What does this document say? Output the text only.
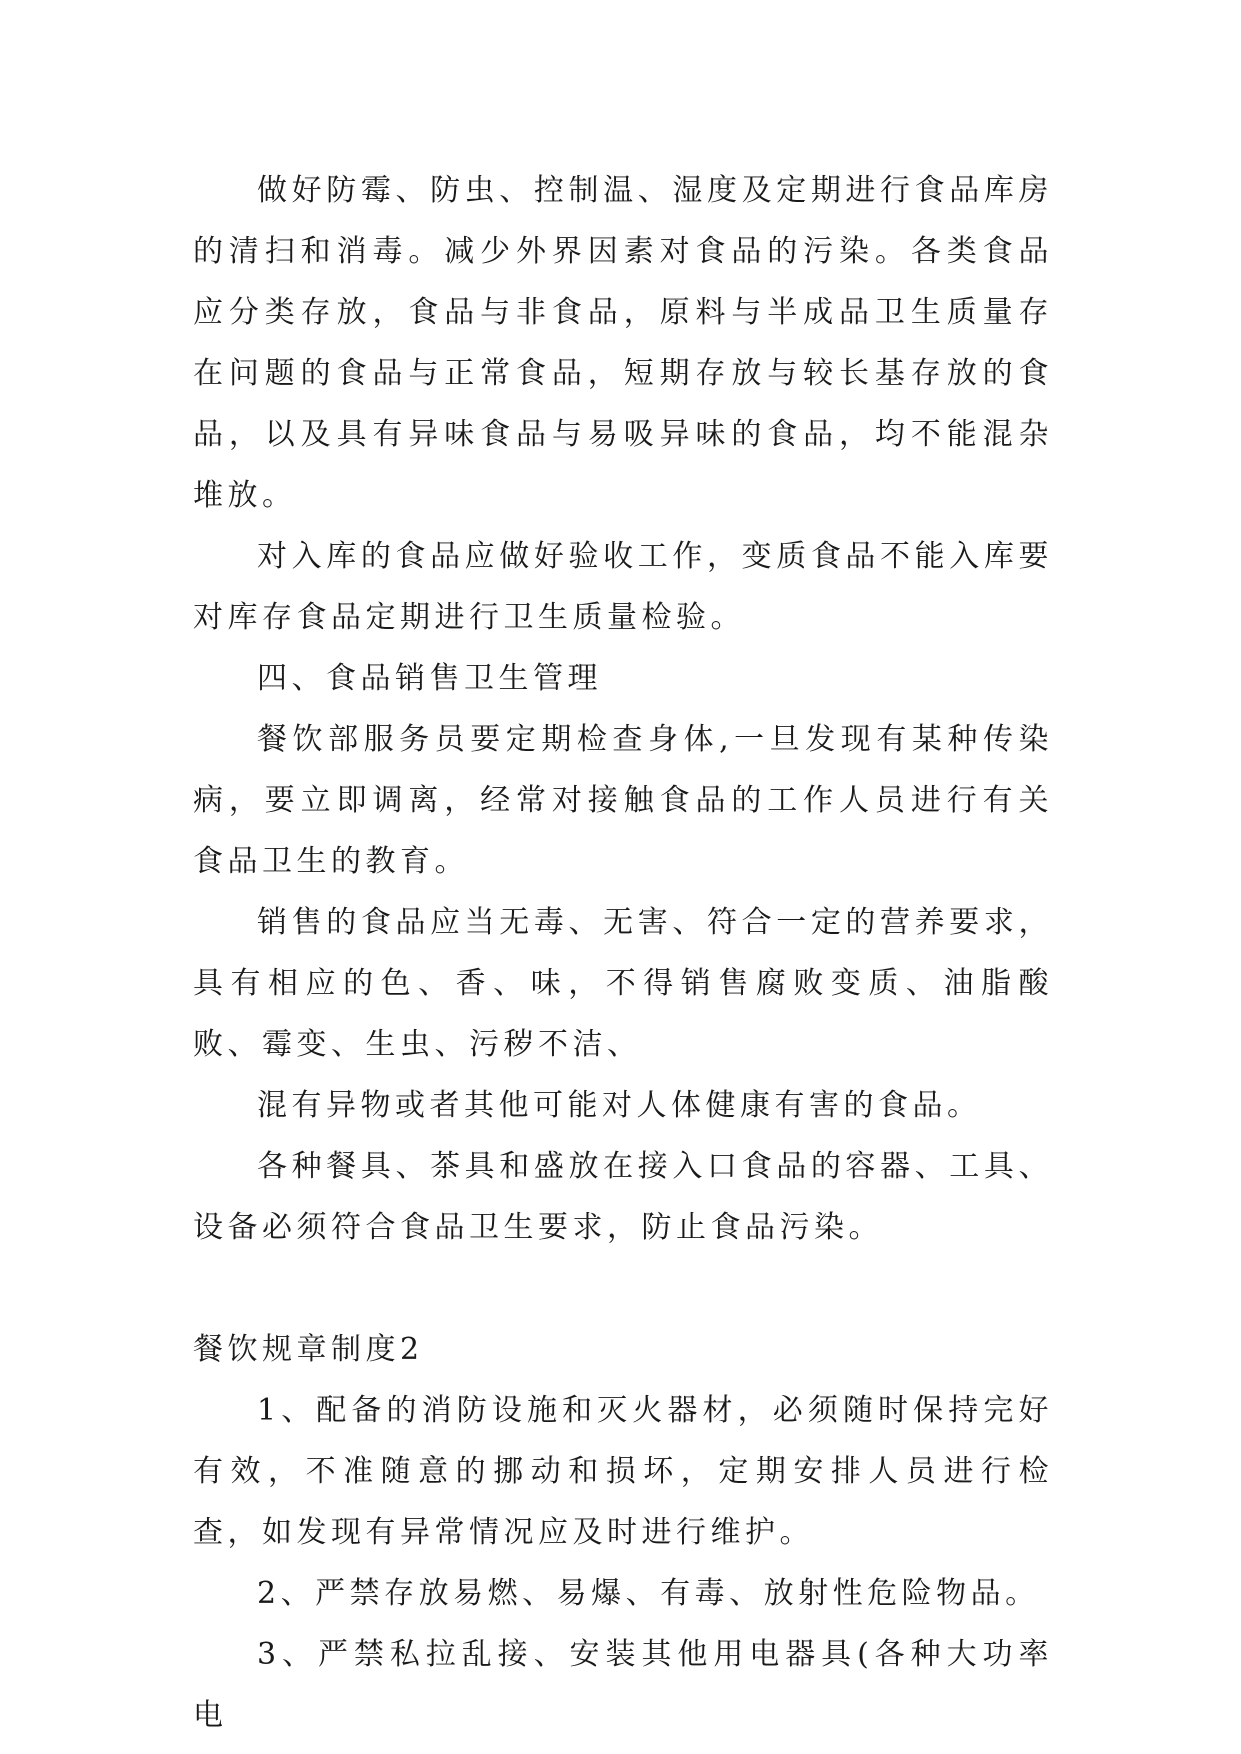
做好防霉、防虫、控制温、湿度及定期进行食品库房的清扫和消毒。减少外界因素对食品的污染。各类食品应分类存放，食品与非食品，原料与半成品卫生质量存在问题的食品与正常食品，短期存放与较长基存放的食品，以及具有异味食品与易吸异味的食品，均不能混杂堆放。

对入库的食品应做好验收工作，变质食品不能入库要对库存食品定期进行卫生质量检验。

四、食品销售卫生管理

餐饮部服务员要定期检查身体,一旦发现有某种传染病，要立即调离，经常对接触食品的工作人员进行有关食品卫生的教育。

销售的食品应当无毒、无害、符合一定的营养要求，具有相应的色、香、味，不得销售腐败变质、油脂酸败、霉变、生虫、污秽不洁、

混有异物或者其他可能对人体健康有害的食品。

各种餐具、茶具和盛放在接入口食品的容器、工具、设备必须符合食品卫生要求，防止食品污染。

餐饮规章制度2

1、配备的消防设施和灭火器材，必须随时保持完好有效，不准随意的挪动和损坏，定期安排人员进行检查，如发现有异常情况应及时进行维护。

2、严禁存放易燃、易爆、有毒、放射性危险物品。

3、严禁私拉乱接、安装其他用电器具(各种大功率电
